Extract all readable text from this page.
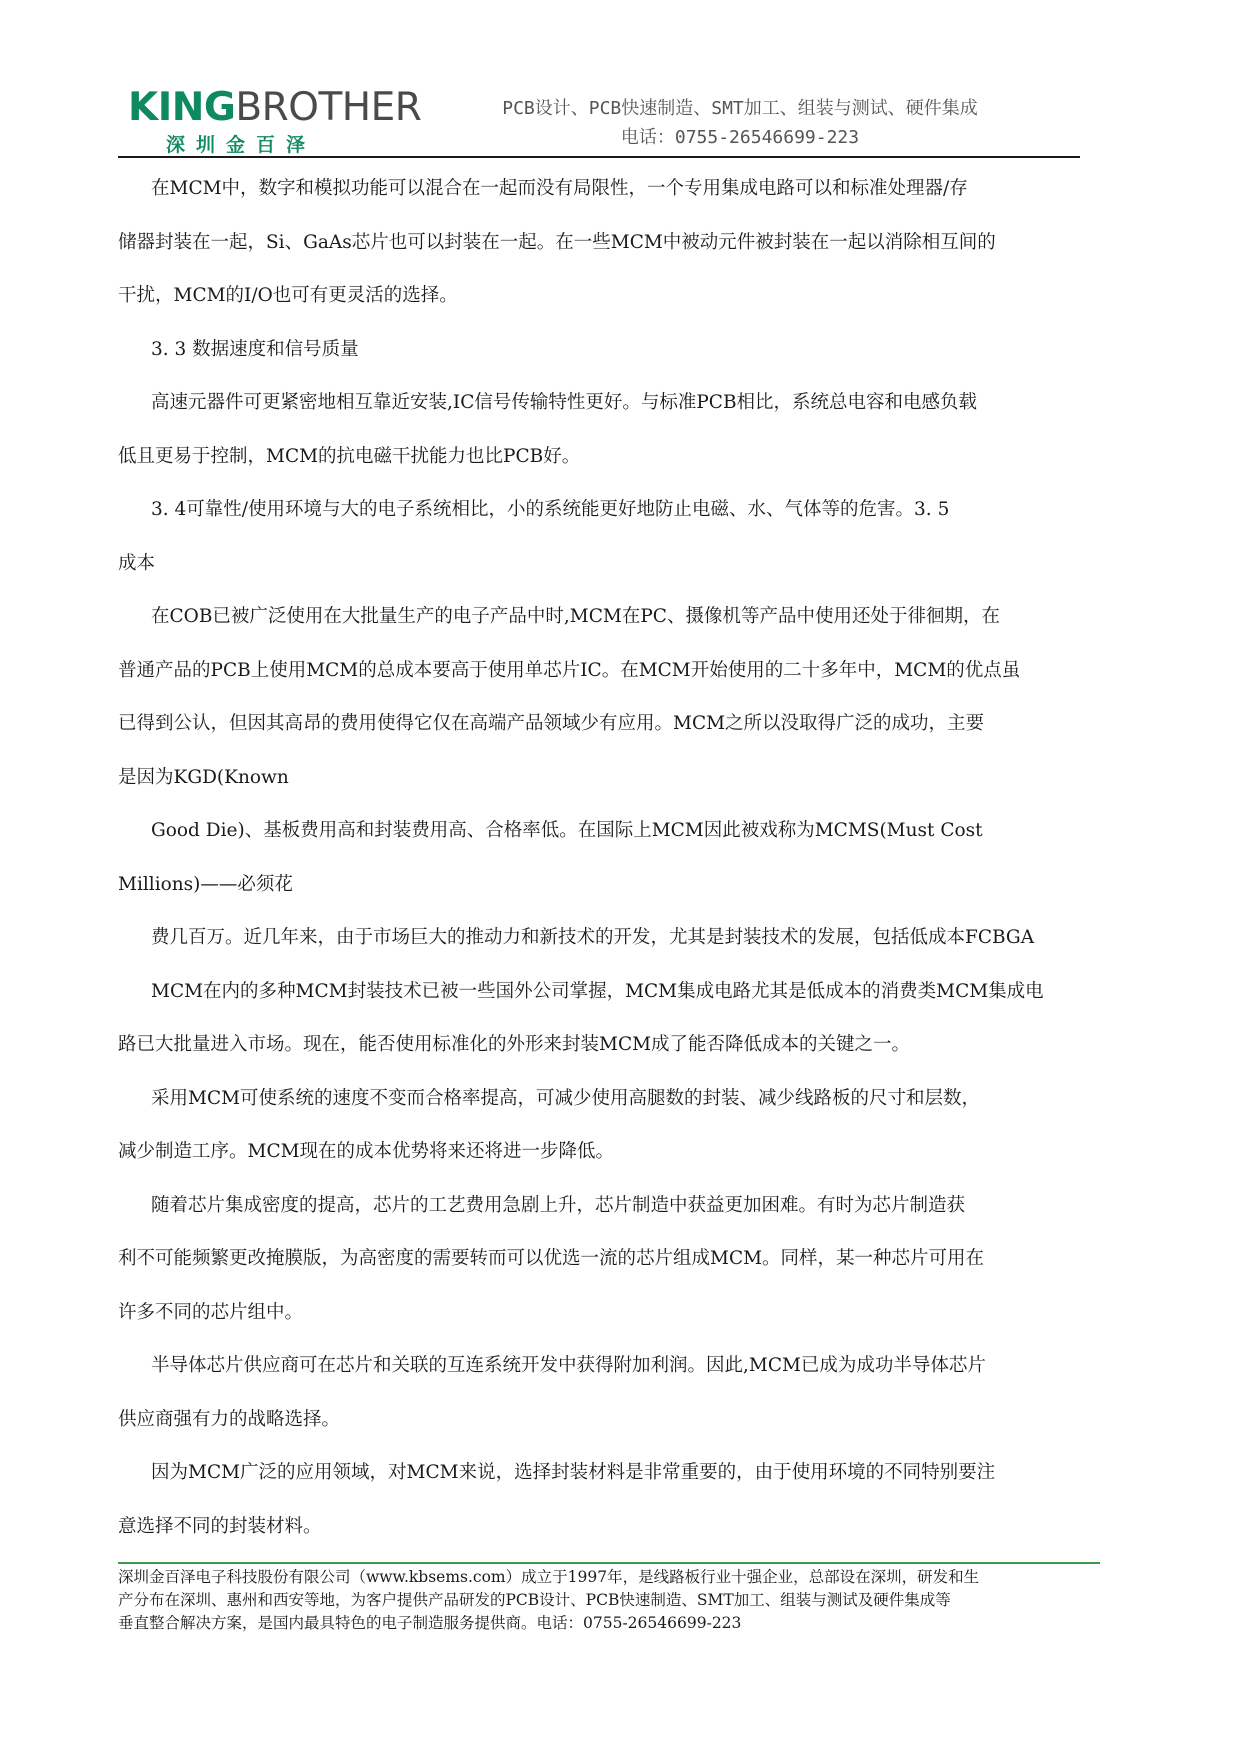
KINGBROTHER
深圳金百泽
PCB设计、PCB快速制造、SMT加工、组装与测试、硬件集成
电话：0755-26546699-223

在MCM中，数字和模拟功能可以混合在一起而没有局限性，一个专用集成电路可以和标准处理器/存
储器封装在一起，Si、GaAs芯片也可以封装在一起。在一些MCM中被动元件被封装在一起以消除相互间的
干扰，MCM的I/O也可有更灵活的选择。

3. 3 数据速度和信号质量

高速元器件可更紧密地相互靠近安装,IC信号传输特性更好。与标准PCB相比，系统总电容和电感负载
低且更易于控制，MCM的抗电磁干扰能力也比PCB好。

3. 4可靠性/使用环境与大的电子系统相比，小的系统能更好地防止电磁、水、气体等的危害。3. 5
成本

在COB已被广泛使用在大批量生产的电子产品中时,MCM在PC、摄像机等产品中使用还处于徘徊期，在
普通产品的PCB上使用MCM的总成本要高于使用单芯片IC。在MCM开始使用的二十多年中，MCM的优点虽
已得到公认，但因其高昂的费用使得它仅在高端产品领域少有应用。MCM之所以没取得广泛的成功，主要
是因为KGD(Known

Good Die)、基板费用高和封装费用高、合格率低。在国际上MCM因此被戏称为MCMS(Must Cost
Millions)——必须花

费几百万。近几年来，由于市场巨大的推动力和新技术的开发，尤其是封装技术的发展，包括低成本FCBGA

MCM在内的多种MCM封装技术已被一些国外公司掌握，MCM集成电路尤其是低成本的消费类MCM集成电
路已大批量进入市场。现在，能否使用标准化的外形来封装MCM成了能否降低成本的关键之一。

采用MCM可使系统的速度不变而合格率提高，可减少使用高腿数的封装、减少线路板的尺寸和层数，
减少制造工序。MCM现在的成本优势将来还将进一步降低。

随着芯片集成密度的提高，芯片的工艺费用急剧上升，芯片制造中获益更加困难。有时为芯片制造获
利不可能频繁更改掩膜版，为高密度的需要转而可以优选一流的芯片组成MCM。同样，某一种芯片可用在
许多不同的芯片组中。

半导体芯片供应商可在芯片和关联的互连系统开发中获得附加利润。因此,MCM已成为成功半导体芯片
供应商强有力的战略选择。

因为MCM广泛的应用领域，对MCM来说，选择封装材料是非常重要的，由于使用环境的不同特别要注
意选择不同的封装材料。

深圳金百泽电子科技股份有限公司（www.kbsems.com）成立于1997年，是线路板行业十强企业，总部设在深圳，研发和生
产分布在深圳、惠州和西安等地，为客户提供产品研发的PCB设计、PCB快速制造、SMT加工、组装与测试及硬件集成等
垂直整合解决方案，是国内最具特色的电子制造服务提供商。电话：0755-26546699-223
